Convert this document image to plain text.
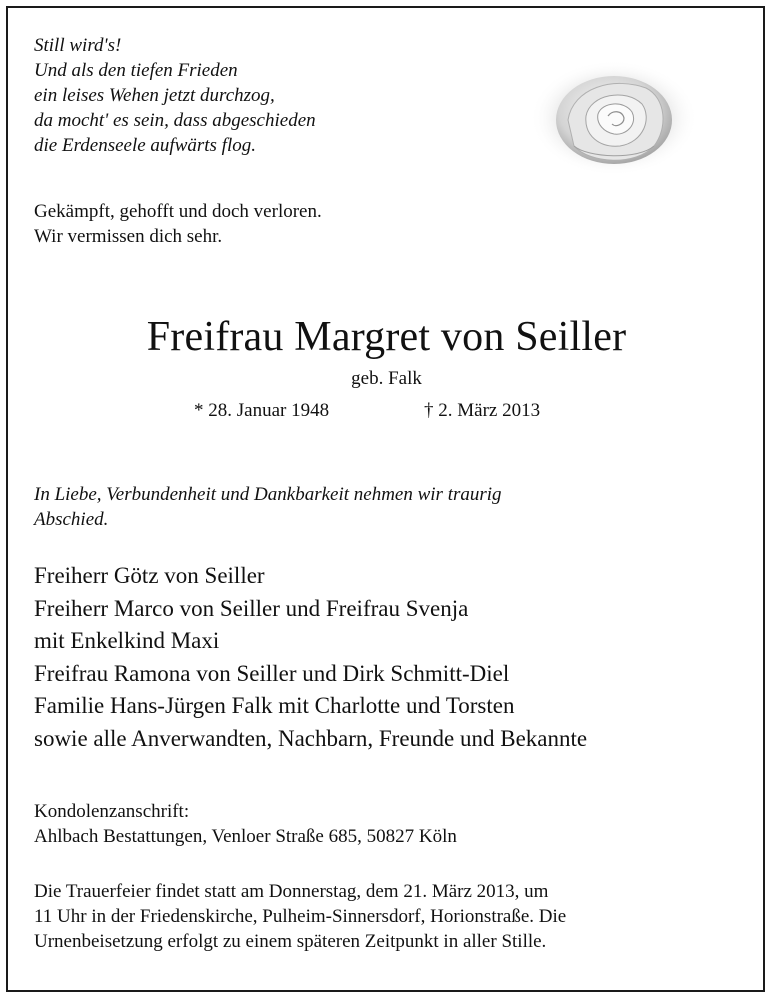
Still wird's!
Und als den tiefen Frieden
ein leises Wehen jetzt durchzog,
da mocht' es sein, dass abgeschieden
die Erdenseele aufwärts flog.
Gekämpft, gehofft und doch verloren.
Wir vermissen dich sehr.
Freifrau Margret von Seiller
geb. Falk
* 28. Januar 1948	† 2. März 2013
In Liebe, Verbundenheit und Dankbarkeit nehmen wir traurig
Abschied.
Freiherr Götz von Seiller
Freiherr Marco von Seiller und Freifrau Svenja
mit Enkelkind Maxi
Freifrau Ramona von Seiller und Dirk Schmitt-Diel
Familie Hans-Jürgen Falk mit Charlotte und Torsten
sowie alle Anverwandten, Nachbarn, Freunde und Bekannte
Kondolenzanschrift:
Ahlbach Bestattungen, Venloer Straße 685, 50827 Köln
Die Trauerfeier findet statt am Donnerstag, dem 21. März 2013, um
11 Uhr in der Friedenskirche, Pulheim-Sinnersdorf, Horionstraße. Die
Urnenbeisetzung erfolgt zu einem späteren Zeitpunkt in aller Stille.
